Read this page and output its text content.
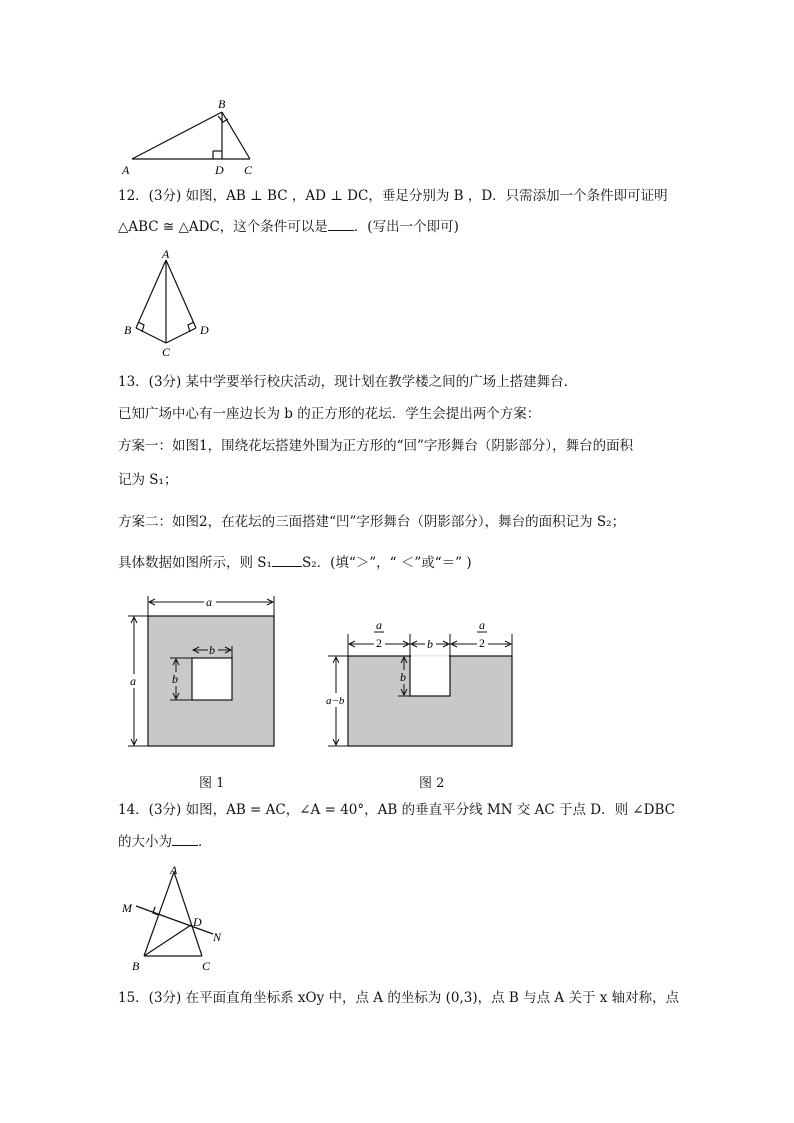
A
B
D C
12．(3分) 如图，AB ⊥ BC ，AD ⊥ DC，垂足分别为 B ，D．只需添加一个条件即可证明
△ABC ≅ △ADC，这个条件可以是 ．(写出一个即可)
A
B	D
C
13．(3分) 某中学要举行校庆活动，现计划在教学楼之间的广场上搭建舞台．
已知广场中心有一座边长为 b 的正方形的花坛．学生会提出两个方案：
方案一：如图1，围绕花坛搭建外围为正方形的“回”字形舞台（阴影部分），舞台的面积
记为 S₁；
方案二：如图2，在花坛的三面搭建“凹”字形舞台（阴影部分），舞台的面积记为 S₂；
具体数据如图所示，则 S₁ S₂．(填“＞”，“ ＜”或“＝” )
a
a
b
b
图 1
a
2	b
a
2
b
a−b
图 2
14．(3分) 如图，AB = AC，∠A = 40°，AB 的垂直平分线 MN 交 AC 于点 D．则 ∠DBC
的大小为 ．
A
M
D
N
B	C
15．(3分) 在平面直角坐标系 xOy 中，点 A 的坐标为 (0,3)，点 B 与点 A 关于 x 轴对称，点
